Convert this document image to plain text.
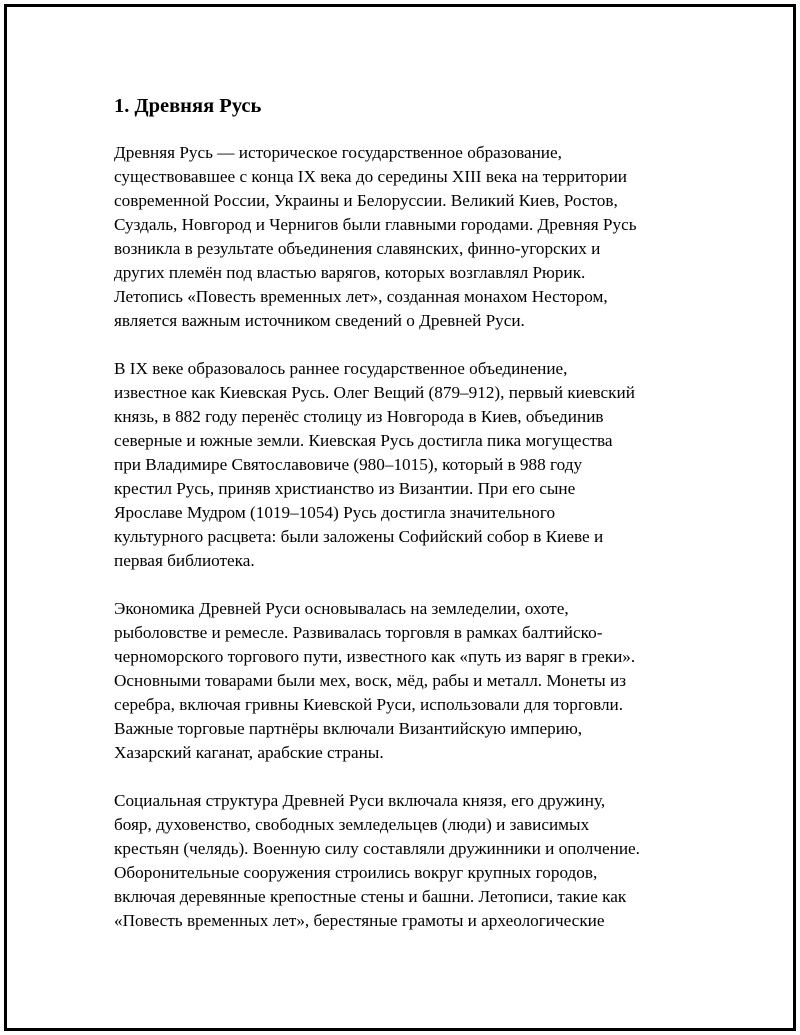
1. Древняя Русь
Древняя Русь — историческое государственное образование,
существовавшее с конца IX века до середины XIII века на территории
современной России, Украины и Белоруссии. Великий Киев, Ростов,
Суздаль, Новгород и Чернигов были главными городами. Древняя Русь
возникла в результате объединения славянских, финно-угорских и
других племён под властью варягов, которых возглавлял Рюрик.
Летопись «Повесть временных лет», созданная монахом Нестором,
является важным источником сведений о Древней Руси.
В IX веке образовалось раннее государственное объединение,
известное как Киевская Русь. Олег Вещий (879–912), первый киевский
князь, в 882 году перенёс столицу из Новгорода в Киев, объединив
северные и южные земли. Киевская Русь достигла пика могущества
при Владимире Святославовиче (980–1015), который в 988 году
крестил Русь, приняв христианство из Византии. При его сыне
Ярославе Мудром (1019–1054) Русь достигла значительного
культурного расцвета: были заложены Софийский собор в Киеве и
первая библиотека.
Экономика Древней Руси основывалась на земледелии, охоте,
рыболовстве и ремесле. Развивалась торговля в рамках балтийско-
черноморского торгового пути, известного как «путь из варяг в греки».
Основными товарами были мех, воск, мёд, рабы и металл. Монеты из
серебра, включая гривны Киевской Руси, использовали для торговли.
Важные торговые партнёры включали Византийскую империю,
Хазарский каганат, арабские страны.
Социальная структура Древней Руси включала князя, его дружину,
бояр, духовенство, свободных земледельцев (люди) и зависимых
крестьян (челядь). Военную силу составляли дружинники и ополчение.
Оборонительные сооружения строились вокруг крупных городов,
включая деревянные крепостные стены и башни. Летописи, такие как
«Повесть временных лет», берестяные грамоты и археологические
